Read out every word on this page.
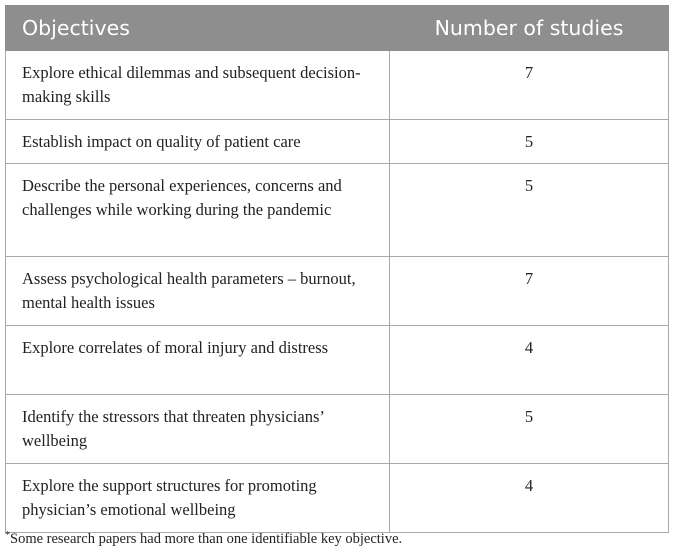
Objectives	Number of studies
Explore ethical dilemmas and subsequent decision-making skills	7
Establish impact on quality of patient care	5
Describe the personal experiences, concerns and challenges while working during the pandemic	5
Assess psychological health parameters – burnout, mental health issues	7
Explore correlates of moral injury and distress	4
Identify the stressors that threaten physicians’ wellbeing	5
Explore the support structures for promoting physician’s emotional wellbeing	4
*Some research papers had more than one identifiable key objective.
